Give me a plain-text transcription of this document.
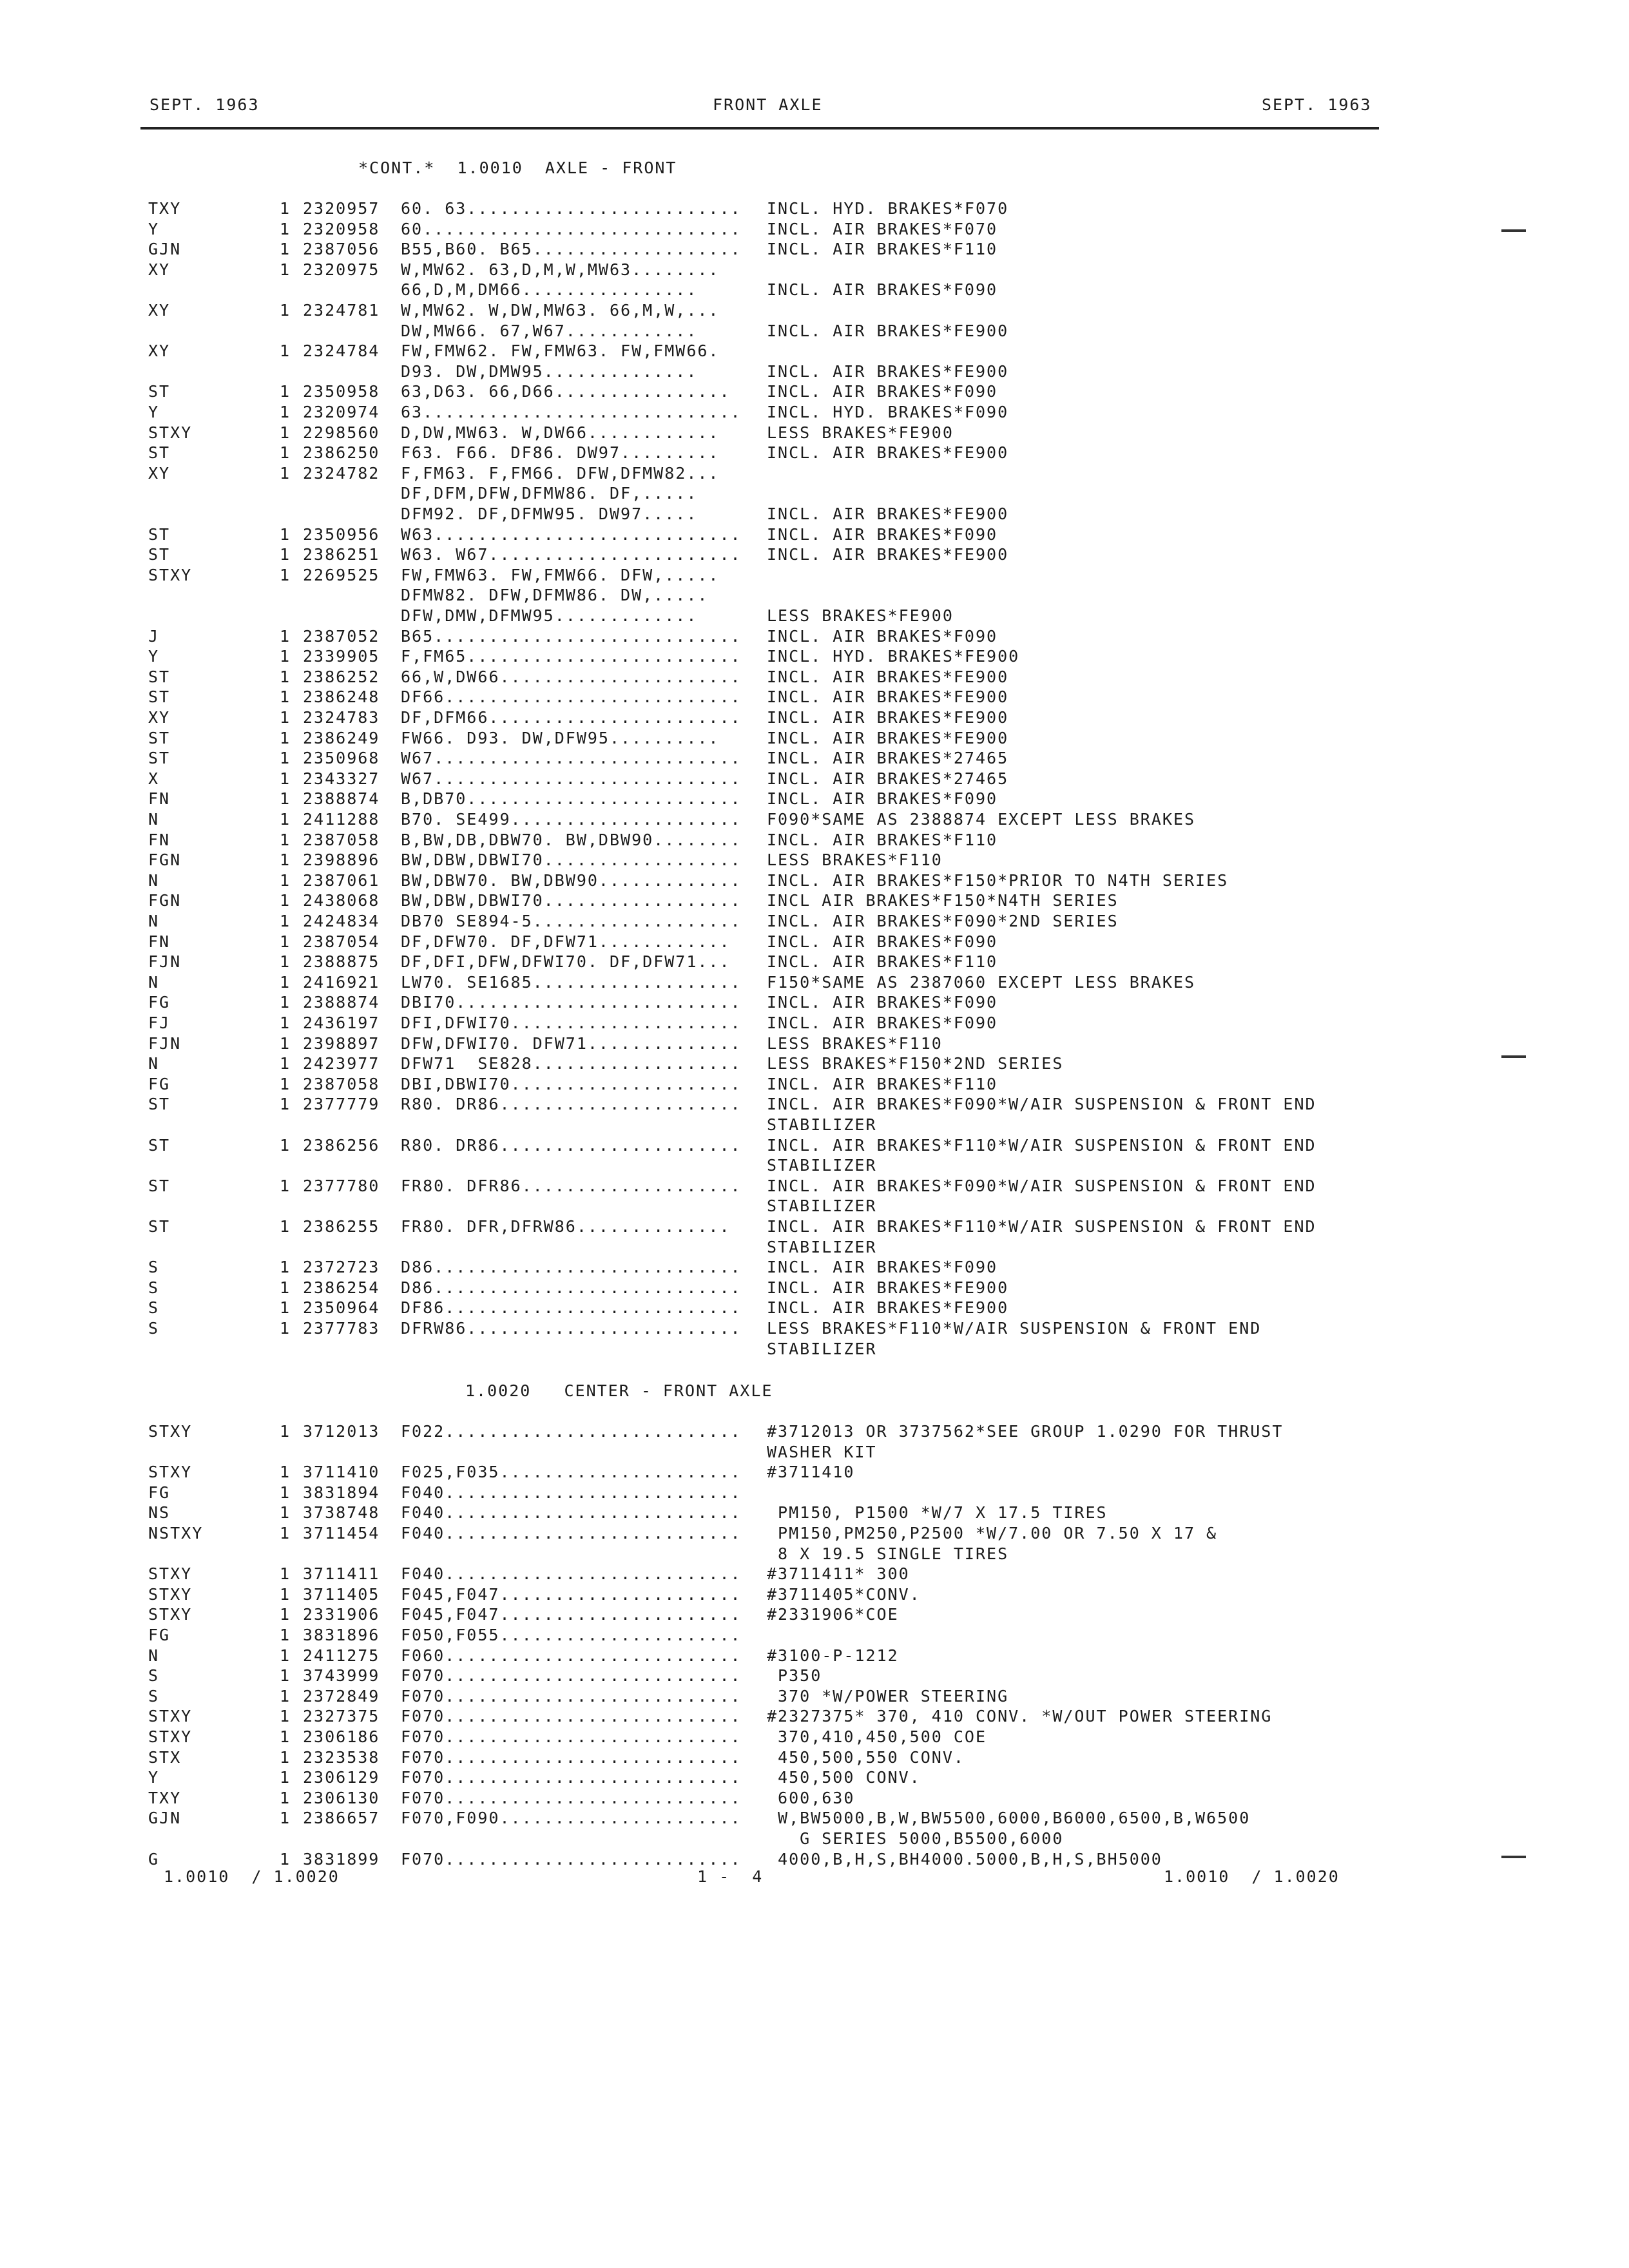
SEPT. 1963	FRONT AXLE	SEPT. 1963
*CONT.*  1.0010  AXLE - FRONT
TXY	1 2320957 60. 63......................... INCL. HYD. BRAKES*F070
Y	1 2320958 60............................. INCL. AIR BRAKES*F070
GJN	1 2387056 B55,B60. B65................... INCL. AIR BRAKES*F110
XY	1 2320975 W,MW62. 63,D,M,W,MW63........
66,D,M,DM66................	INCL. AIR BRAKES*F090
XY	1 2324781 W,MW62. W,DW,MW63. 66,M,W,...
DW,MW66. 67,W67............	INCL. AIR BRAKES*FE900
XY	1 2324784 FW,FMW62. FW,FMW63. FW,FMW66.
D93. DW,DMW95..............	INCL. AIR BRAKES*FE900
ST	1 2350958 63,D63. 66,D66................ INCL. AIR BRAKES*F090
Y	1 2320974 63............................. INCL. HYD. BRAKES*F090
STXY	1 2298560 D,DW,MW63. W,DW66............	LESS BRAKES*FE900
ST	1 2386250 F63. F66. DF86. DW97.........	INCL. AIR BRAKES*FE900
XY	1 2324782 F,FM63. F,FM66. DFW,DFMW82...
DF,DFM,DFW,DFMW86. DF,.....
DFM92. DF,DFMW95. DW97.....	INCL. AIR BRAKES*FE900
ST	1 2350956 W63............................ INCL. AIR BRAKES*F090
ST	1 2386251 W63. W67....................... INCL. AIR BRAKES*FE900
STXY	1 2269525 FW,FMW63. FW,FMW66. DFW,.....
DFMW82. DFW,DFMW86. DW,.....
DFW,DMW,DFMW95.............	LESS BRAKES*FE900
J	1 2387052 B65............................ INCL. AIR BRAKES*F090
Y	1 2339905 F,FM65......................... INCL. HYD. BRAKES*FE900
ST	1 2386252 66,W,DW66...................... INCL. AIR BRAKES*FE900
ST	1 2386248 DF66........................... INCL. AIR BRAKES*FE900
XY	1 2324783 DF,DFM66....................... INCL. AIR BRAKES*FE900
ST	1 2386249 FW66. D93. DW,DFW95..........	INCL. AIR BRAKES*FE900
ST	1 2350968 W67............................ INCL. AIR BRAKES*27465
X	1 2343327 W67............................ INCL. AIR BRAKES*27465
FN	1 2388874 B,DB70......................... INCL. AIR BRAKES*F090
N	1 2411288 B70. SE499..................... F090*SAME AS 2388874 EXCEPT LESS BRAKES
FN	1 2387058 B,BW,DB,DBW70. BW,DBW90........ INCL. AIR BRAKES*F110
FGN	1 2398896 BW,DBW,DBWI70.................. LESS BRAKES*F110
N	1 2387061 BW,DBW70. BW,DBW90............. INCL. AIR BRAKES*F150*PRIOR TO N4TH SERIES
FGN	1 2438068 BW,DBW,DBWI70.................. INCL AIR BRAKES*F150*N4TH SERIES
N	1 2424834 DB70 SE894-5................... INCL. AIR BRAKES*F090*2ND SERIES
FN	1 2387054 DF,DFW70. DF,DFW71............ INCL. AIR BRAKES*F090
FJN	1 2388875 DF,DFI,DFW,DFWI70. DF,DFW71... INCL. AIR BRAKES*F110
N	1 2416921 LW70. SE1685................... F150*SAME AS 2387060 EXCEPT LESS BRAKES
FG	1 2388874 DBI70.......................... INCL. AIR BRAKES*F090
FJ	1 2436197 DFI,DFWI70..................... INCL. AIR BRAKES*F090
FJN	1 2398897 DFW,DFWI70. DFW71.............. LESS BRAKES*F110
N	1 2423977 DFW71  SE828................... LESS BRAKES*F150*2ND SERIES
FG	1 2387058 DBI,DBWI70..................... INCL. AIR BRAKES*F110
ST	1 2377779 R80. DR86...................... INCL. AIR BRAKES*F090*W/AIR SUSPENSION & FRONT END
STABILIZER
ST	1 2386256 R80. DR86...................... INCL. AIR BRAKES*F110*W/AIR SUSPENSION & FRONT END
STABILIZER
ST	1 2377780 FR80. DFR86.................... INCL. AIR BRAKES*F090*W/AIR SUSPENSION & FRONT END
STABILIZER
ST	1 2386255 FR80. DFR,DFRW86.............. INCL. AIR BRAKES*F110*W/AIR SUSPENSION & FRONT END
STABILIZER
S	1 2372723 D86............................ INCL. AIR BRAKES*F090
S	1 2386254 D86............................ INCL. AIR BRAKES*FE900
S	1 2350964 DF86........................... INCL. AIR BRAKES*FE900
S	1 2377783 DFRW86......................... LESS BRAKES*F110*W/AIR SUSPENSION & FRONT END
STABILIZER
1.0020   CENTER - FRONT AXLE
STXY	1 3712013 F022........................... #3712013 OR 3737562*SEE GROUP 1.0290 FOR THRUST
WASHER KIT
STXY	1 3711410 F025,F035...................... #3711410
FG	1 3831894 F040...........................
NS	1 3738748 F040........................... PM150, P1500 *W/7 X 17.5 TIRES
NSTXY	1 3711454 F040........................... PM150,PM250,P2500 *W/7.00 OR 7.50 X 17 &
8 X 19.5 SINGLE TIRES
STXY	1 3711411 F040........................... #3711411* 300
STXY	1 3711405 F045,F047...................... #3711405*CONV.
STXY	1 2331906 F045,F047...................... #2331906*COE
FG	1 3831896 F050,F055......................
N	1 2411275 F060........................... #3100-P-1212
S	1 3743999 F070........................... P350
S	1 2372849 F070........................... 370 *W/POWER STEERING
STXY	1 2327375 F070........................... #2327375* 370, 410 CONV. *W/OUT POWER STEERING
STXY	1 2306186 F070........................... 370,410,450,500 COE
STX	1 2323538 F070........................... 450,500,550 CONV.
Y	1 2306129 F070........................... 450,500 CONV.
TXY	1 2306130 F070........................... 600,630
GJN	1 2386657 F070,F090...................... W,BW5000,B,W,BW5500,6000,B6000,6500,B,W6500
G SERIES 5000,B5500,6000
G	1 3831899 F070........................... 4000,B,H,S,BH4000.5000,B,H,S,BH5000
1.0010  / 1.0020	1 -  4	1.0010  / 1.0020
